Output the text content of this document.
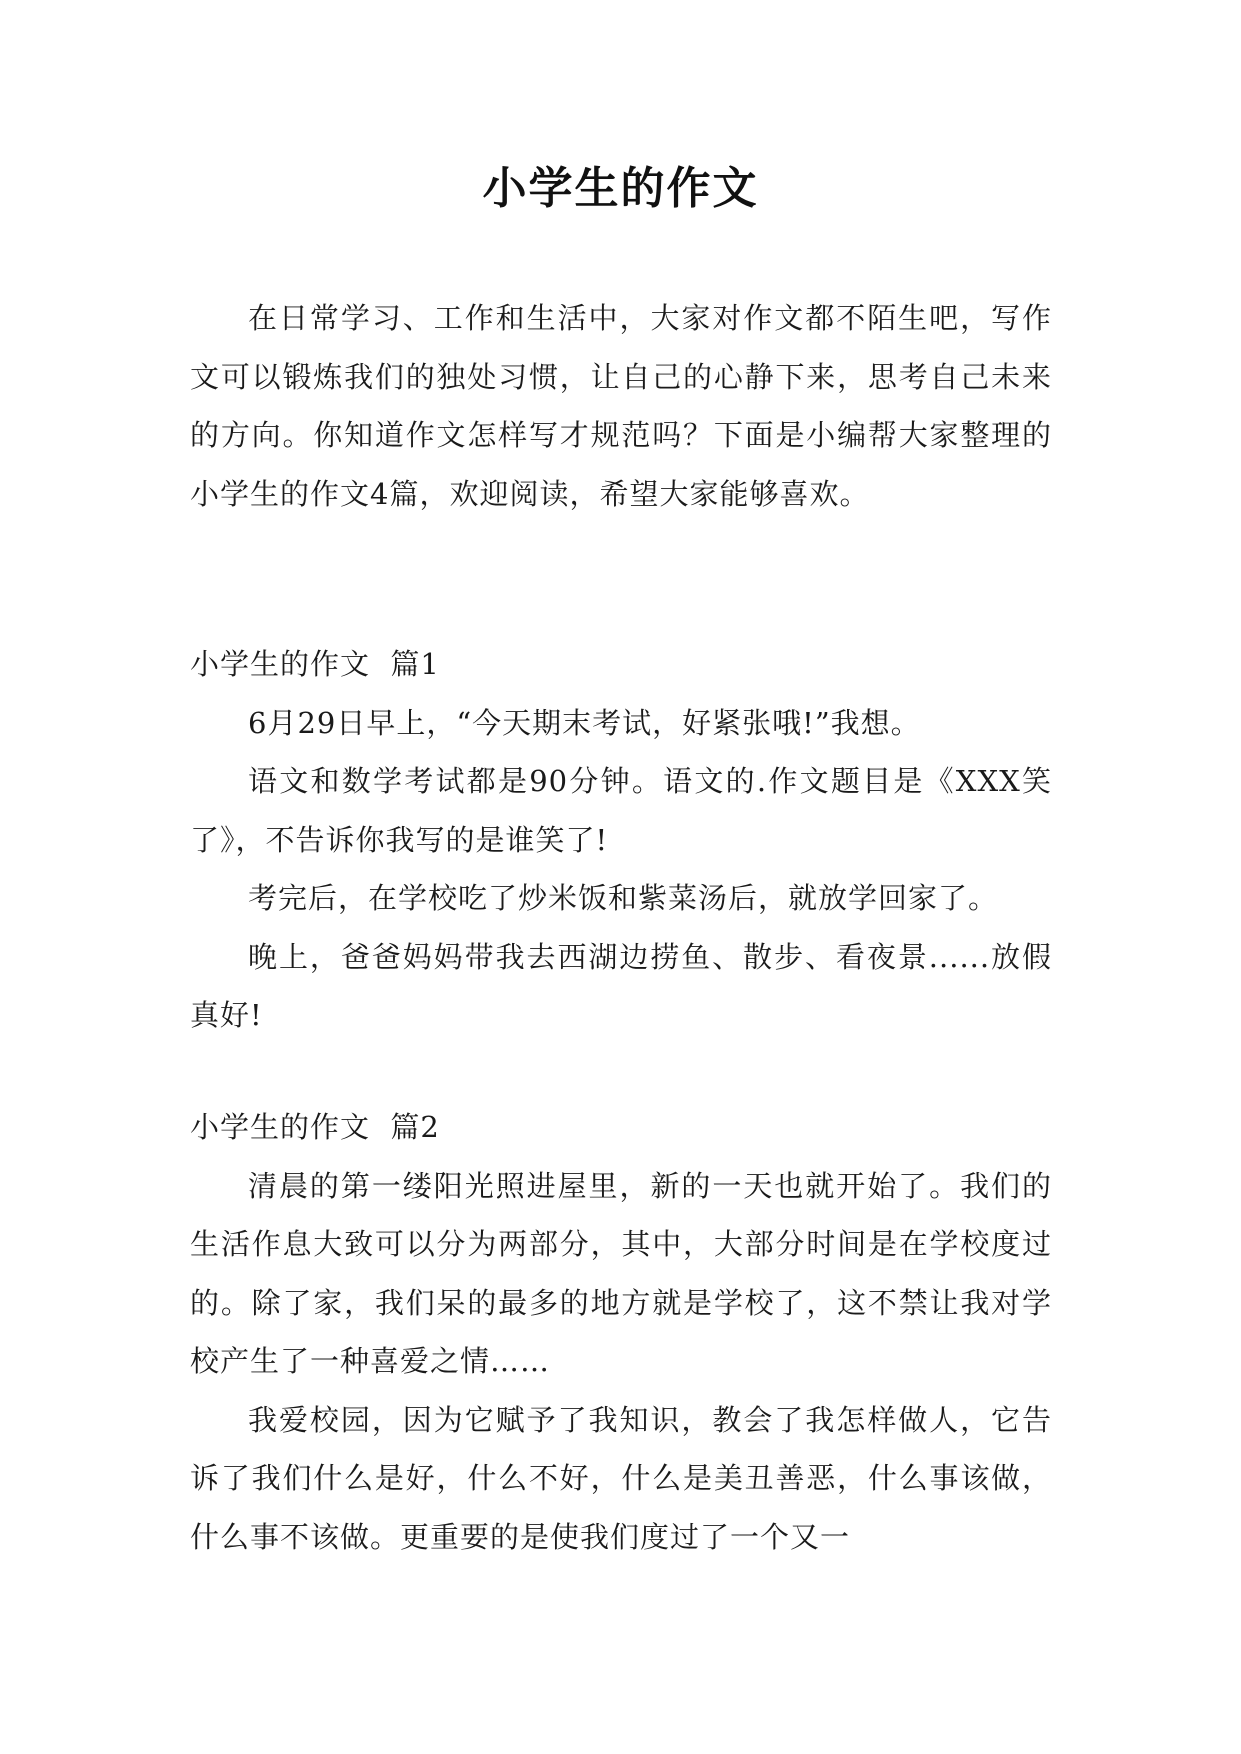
小学生的作文

在日常学习、工作和生活中，大家对作文都不陌生吧，写作文可以锻炼我们的独处习惯，让自己的心静下来，思考自己未来的方向。你知道作文怎样写才规范吗？下面是小编帮大家整理的小学生的作文4篇，欢迎阅读，希望大家能够喜欢。

小学生的作文  篇1

6月29日早上，“今天期末考试，好紧张哦!”我想。

语文和数学考试都是90分钟。语文的.作文题目是《XXX笑了》，不告诉你我写的是谁笑了!

考完后，在学校吃了炒米饭和紫菜汤后，就放学回家了。

晚上，爸爸妈妈带我去西湖边捞鱼、散步、看夜景......放假真好!

小学生的作文  篇2

清晨的第一缕阳光照进屋里，新的一天也就开始了。我们的生活作息大致可以分为两部分，其中，大部分时间是在学校度过的。除了家，我们呆的最多的地方就是学校了，这不禁让我对学校产生了一种喜爱之情……

我爱校园，因为它赋予了我知识，教会了我怎样做人，它告诉了我们什么是好，什么不好，什么是美丑善恶，什么事该做，什么事不该做。更重要的是使我们度过了一个又一
